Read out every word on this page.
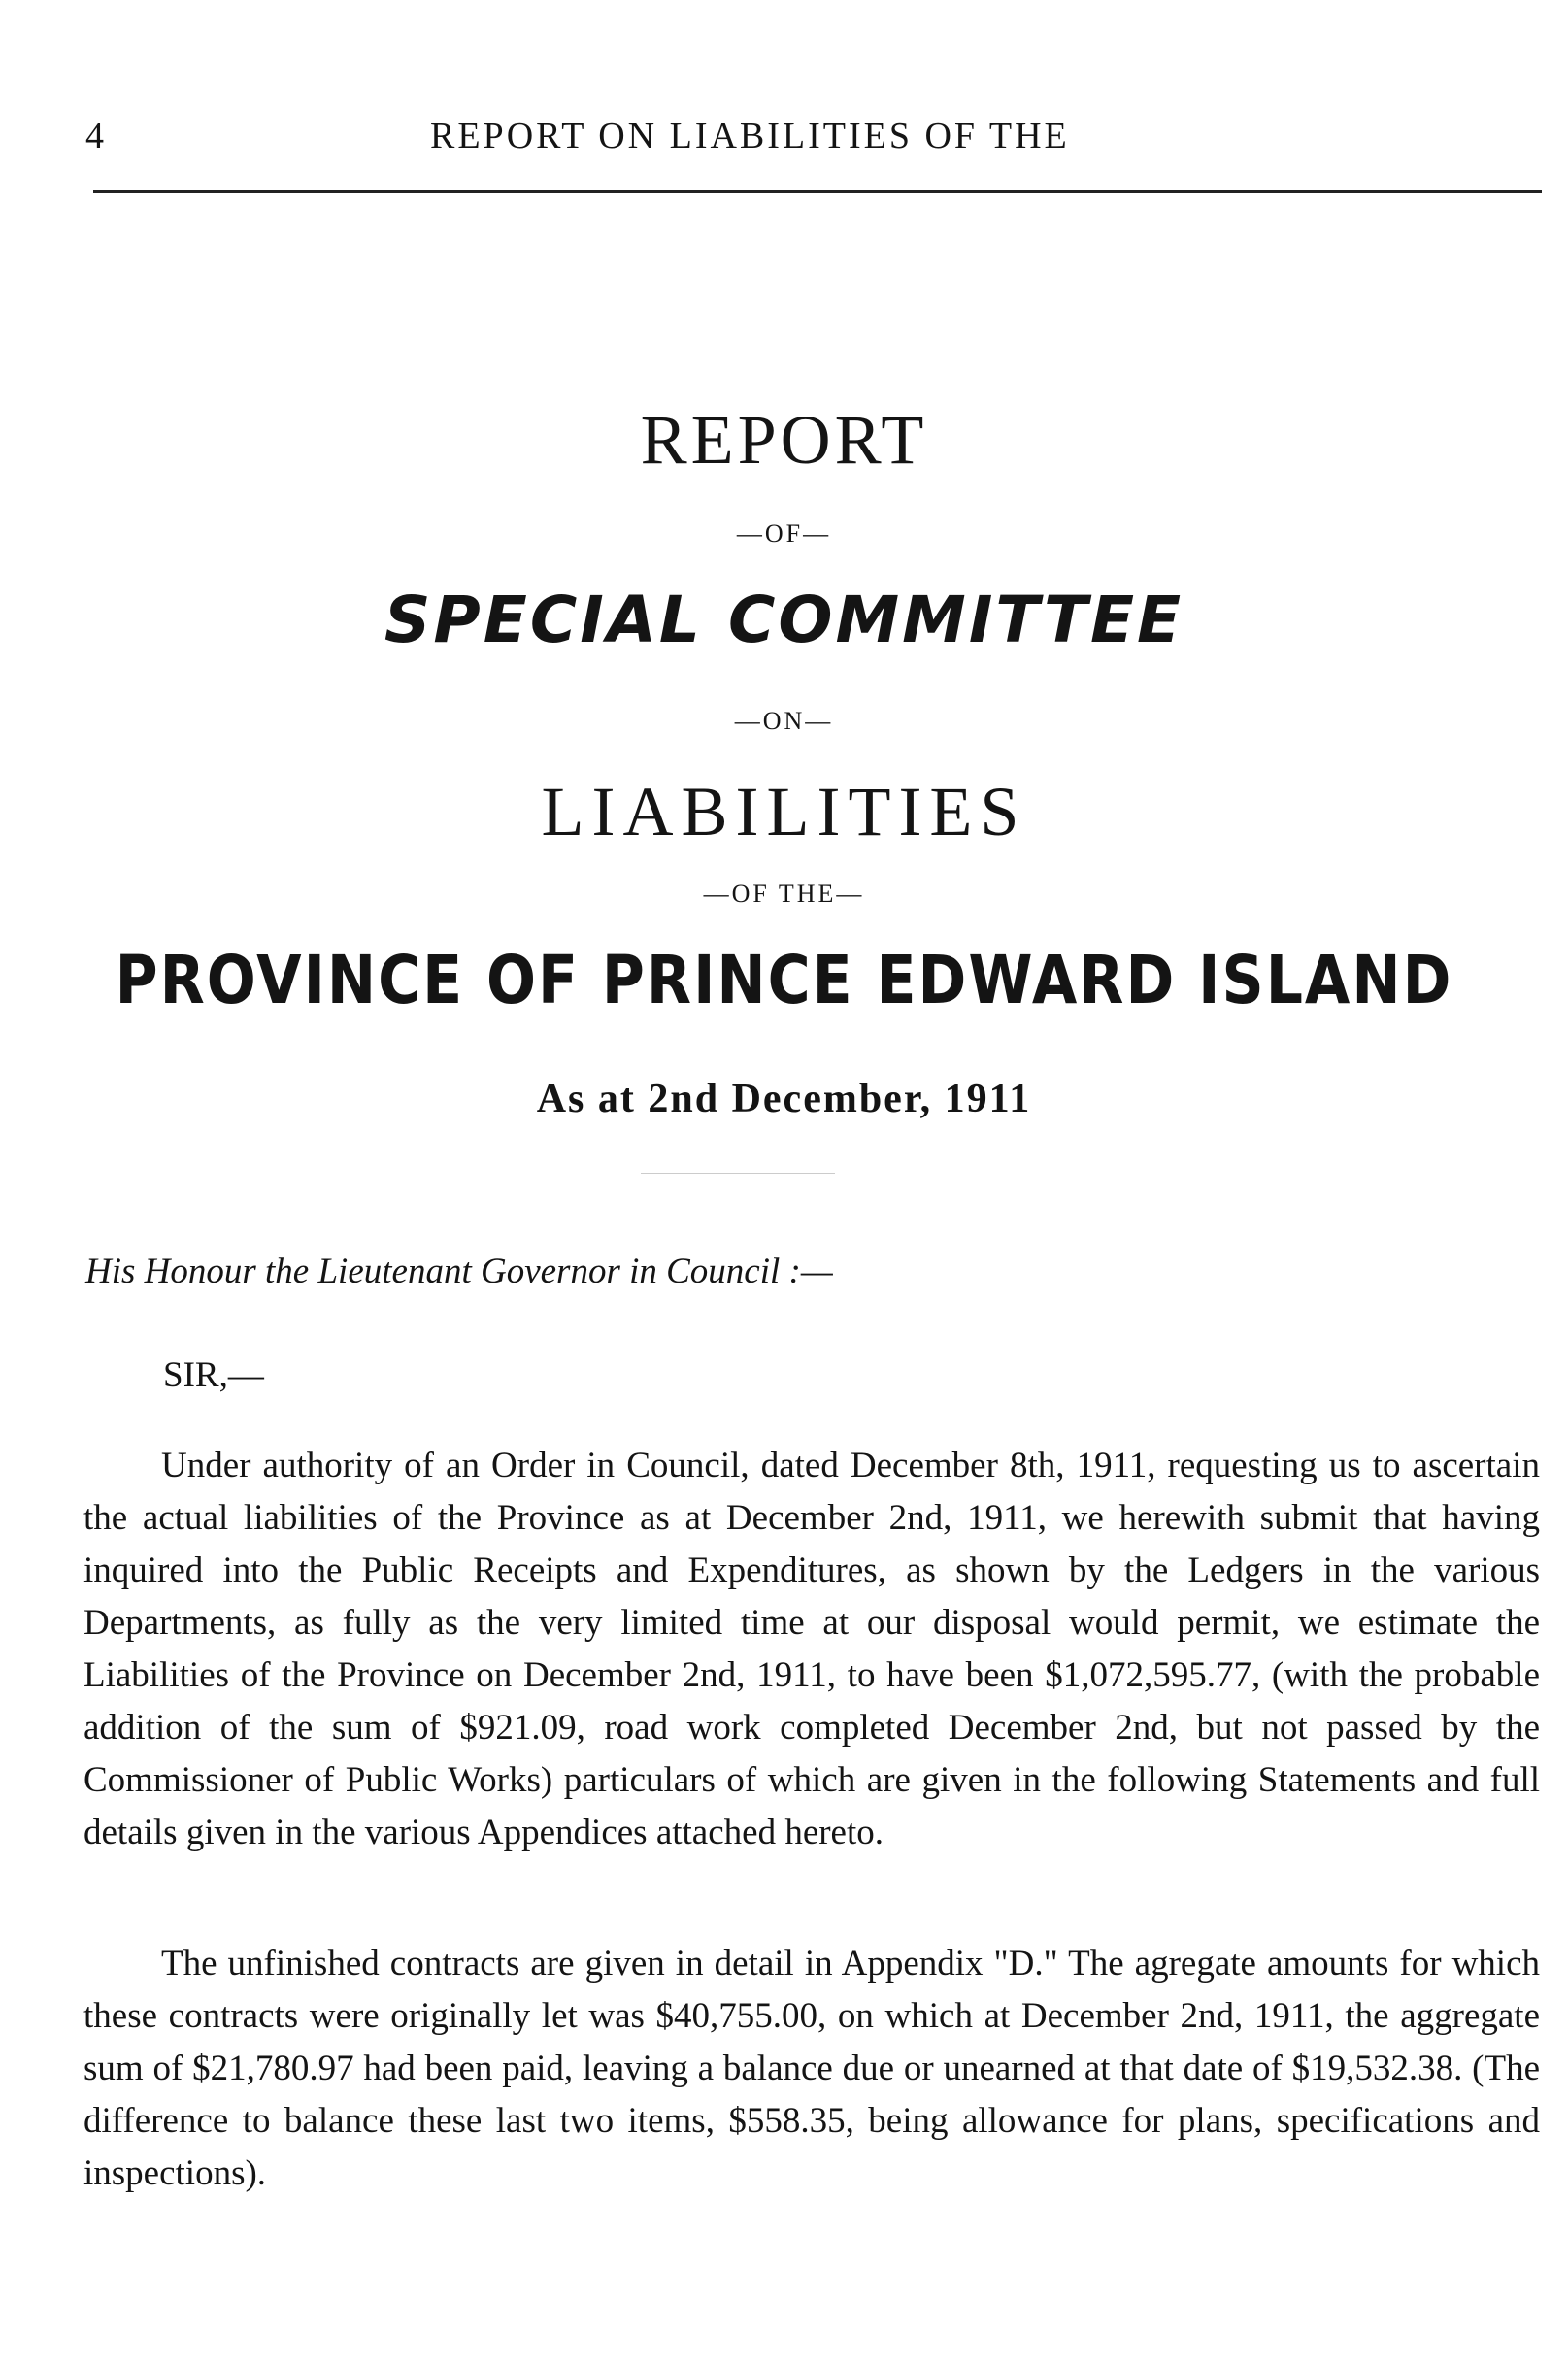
4	REPORT ON LIABILITIES OF THE
REPORT
—OF—
SPECIAL COMMITTEE
—ON—
LIABILITIES
—OF THE—
PROVINCE OF PRINCE EDWARD ISLAND
As at 2nd December, 1911
His Honour the Lieutenant Governor in Council :—
SIR,—

Under authority of an Order in Council, dated December 8th, 1911, requesting us to ascertain the actual liabilities of the Province as at December 2nd, 1911, we herewith submit that having inquired into the Public Receipts and Expenditures, as shown by the Ledgers in the various Departments, as fully as the very limited time at our disposal would permit, we estimate the Liabilities of the Province on December 2nd, 1911, to have been $1,072,595.77, (with the probable addition of the sum of $921.09, road work completed December 2nd, but not passed by the Commissioner of Public Works) particulars of which are given in the following Statements and full details given in the various Appendices attached hereto.

The unfinished contracts are given in detail in Appendix "D." The agregate amounts for which these contracts were originally let was $40,755.00, on which at December 2nd, 1911, the aggregate sum of $21,780.97 had been paid, leaving a balance due or unearned at that date of $19,532.38. (The difference to balance these last two items, $558.35, being allowance for plans, specifications and inspections).
